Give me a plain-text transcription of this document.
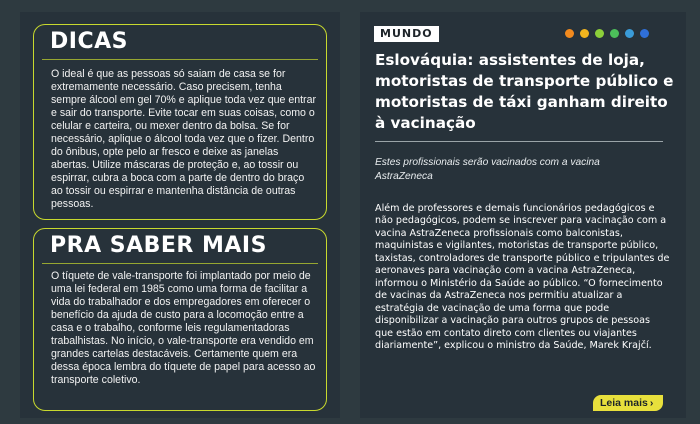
DICAS
O ideal é que as pessoas só saiam de casa se for extremamente necessário. Caso precisem, tenha sempre álcool em gel 70% e aplique toda vez que entrar e sair do transporte. Evite tocar em suas coisas, como o celular e carteira, ou mexer dentro da bolsa. Se for necessário, aplique o álcool toda vez que o fizer. Dentro do ônibus, opte pelo ar fresco e deixe as janelas abertas. Utilize máscaras de proteção e, ao tossir ou espirrar, cubra a boca com a parte de dentro do braço ao tossir ou espirrar e mantenha distância de outras pessoas.
PRA SABER MAIS
O tíquete de vale-transporte foi implantado por meio de uma lei federal em 1985 como uma forma de facilitar a vida do trabalhador e dos empregadores em oferecer o benefício da ajuda de custo para a locomoção entre a casa e o trabalho, conforme leis regulamentadoras trabalhistas. No início, o vale-transporte era vendido em grandes cartelas destacáveis. Certamente quem era dessa época lembra do tíquete de papel para acesso ao transporte coletivo.
MUNDO
Eslováquia: assistentes de loja, motoristas de transporte público e motoristas de táxi ganham direito à vacinação
Estes profissionais serão vacinados com a vacina AstraZeneca
Além de professores e demais funcionários pedagógicos e não pedagógicos, podem se inscrever para vacinação com a vacina AstraZeneca profissionais como balconistas, maquinistas e vigilantes, motoristas de transporte público, taxistas, controladores de transporte público e tripulantes de aeronaves para vacinação com a vacina AstraZeneca, informou o Ministério da Saúde ao público. “O fornecimento de vacinas da AstraZeneca nos permitiu atualizar a estratégia de vacinação de uma forma que pode disponibilizar a vacinação para outros grupos de pessoas que estão em contato direto com clientes ou viajantes diariamente”, explicou o ministro da Saúde, Marek Krajčí.
Leia mais ›
